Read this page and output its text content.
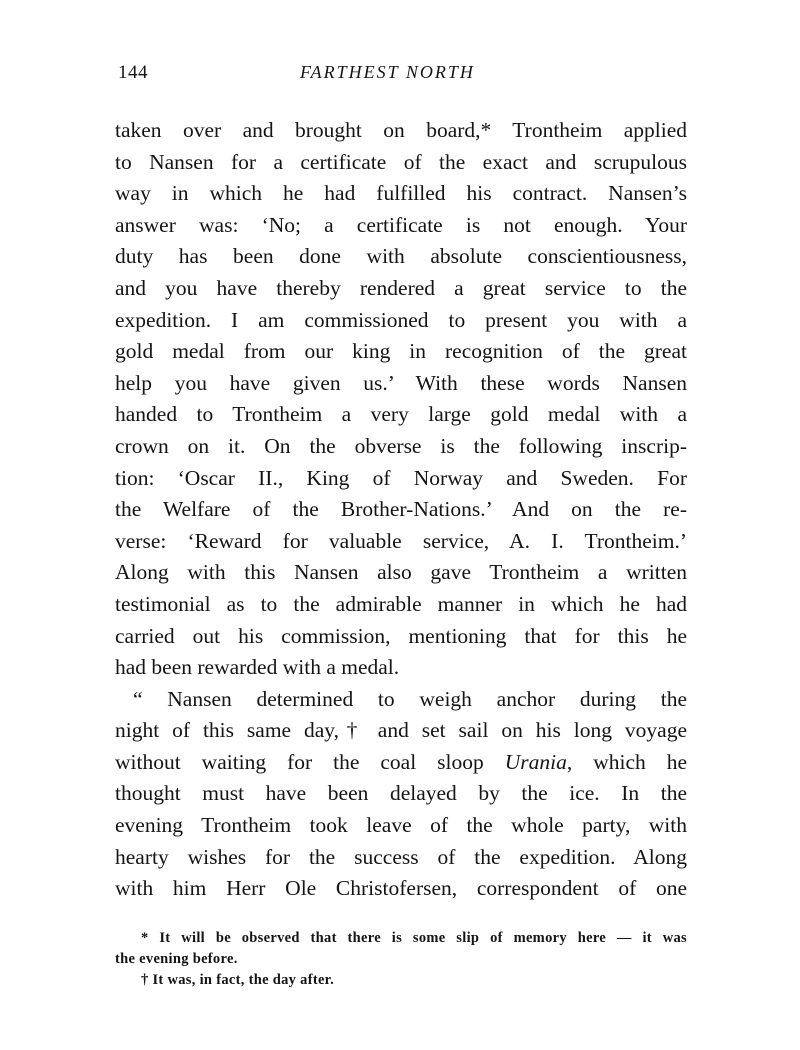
144	FARTHEST NORTH
taken over and brought on board,* Trontheim applied
to Nansen for a certificate of the exact and scrupulous
way in which he had fulfilled his contract. Nansen’s
answer was: ‘No; a certificate is not enough. Your
duty has been done with absolute conscientiousness,
and you have thereby rendered a great service to the
expedition. I am commissioned to present you with a
gold medal from our king in recognition of the great
help you have given us.’ With these words Nansen
handed to Trontheim a very large gold medal with a
crown on it. On the obverse is the following inscrip-
tion: ‘Oscar II., King of Norway and Sweden. For
the Welfare of the Brother-Nations.’ And on the re-
verse: ‘Reward for valuable service, A. I. Trontheim.’
Along with this Nansen also gave Trontheim a written
testimonial as to the admirable manner in which he had
carried out his commission, mentioning that for this he
had been rewarded with a medal.
“ Nansen determined to weigh anchor during the
night of this same day,† and set sail on his long voyage
without waiting for the coal sloop Urania, which he
thought must have been delayed by the ice. In the
evening Trontheim took leave of the whole party, with
hearty wishes for the success of the expedition. Along
with him Herr Ole Christofersen, correspondent of one
* It will be observed that there is some slip of memory here — it was
the evening before.
† It was, in fact, the day after.
